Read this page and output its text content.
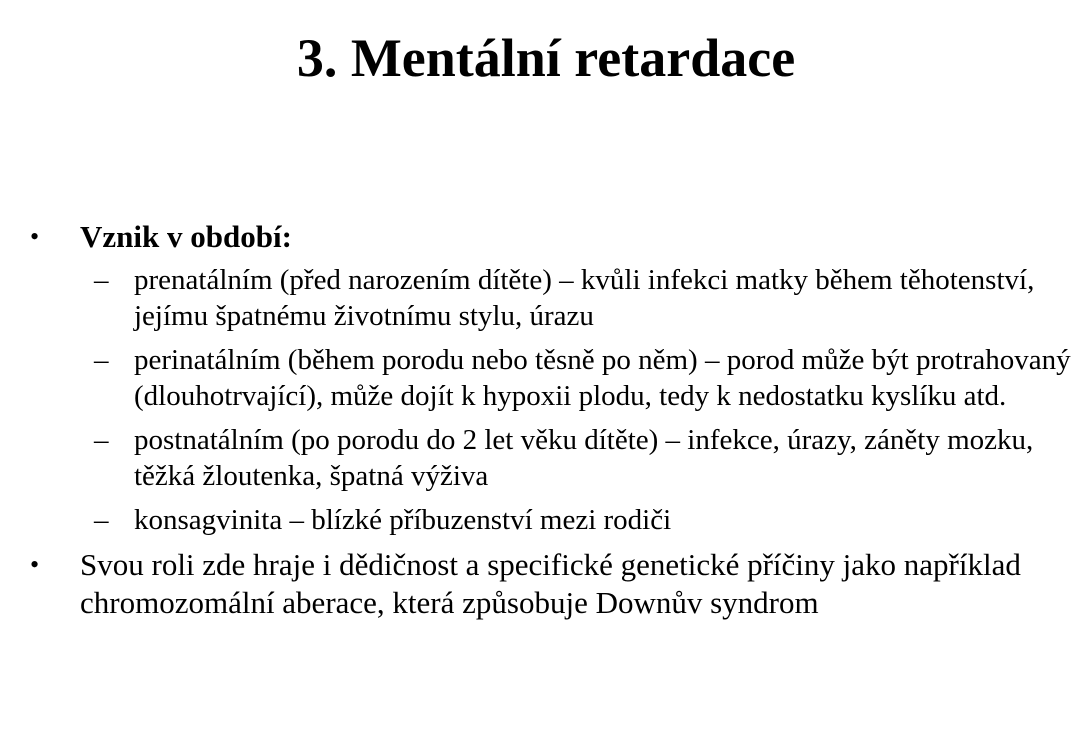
3. Mentální retardace
• Vznik v období:
– prenatálním (před narozením dítěte) – kvůli infekci matky během těhotenství, jejímu špatnému životnímu stylu, úrazu
– perinatálním (během porodu nebo těsně po něm) – porod může být protrahovaný (dlouhotrvající), může dojít k hypoxii plodu, tedy k nedostatku kyslíku atd.
– postnatálním (po porodu do 2 let věku dítěte) – infekce, úrazy, záněty mozku, těžká žloutenka, špatná výživa
– konsagvinita – blízké příbuzenství mezi rodiči
• Svou roli zde hraje i dědičnost a specifické genetické příčiny jako například chromozomální aberace, která způsobuje Downův syndrom
